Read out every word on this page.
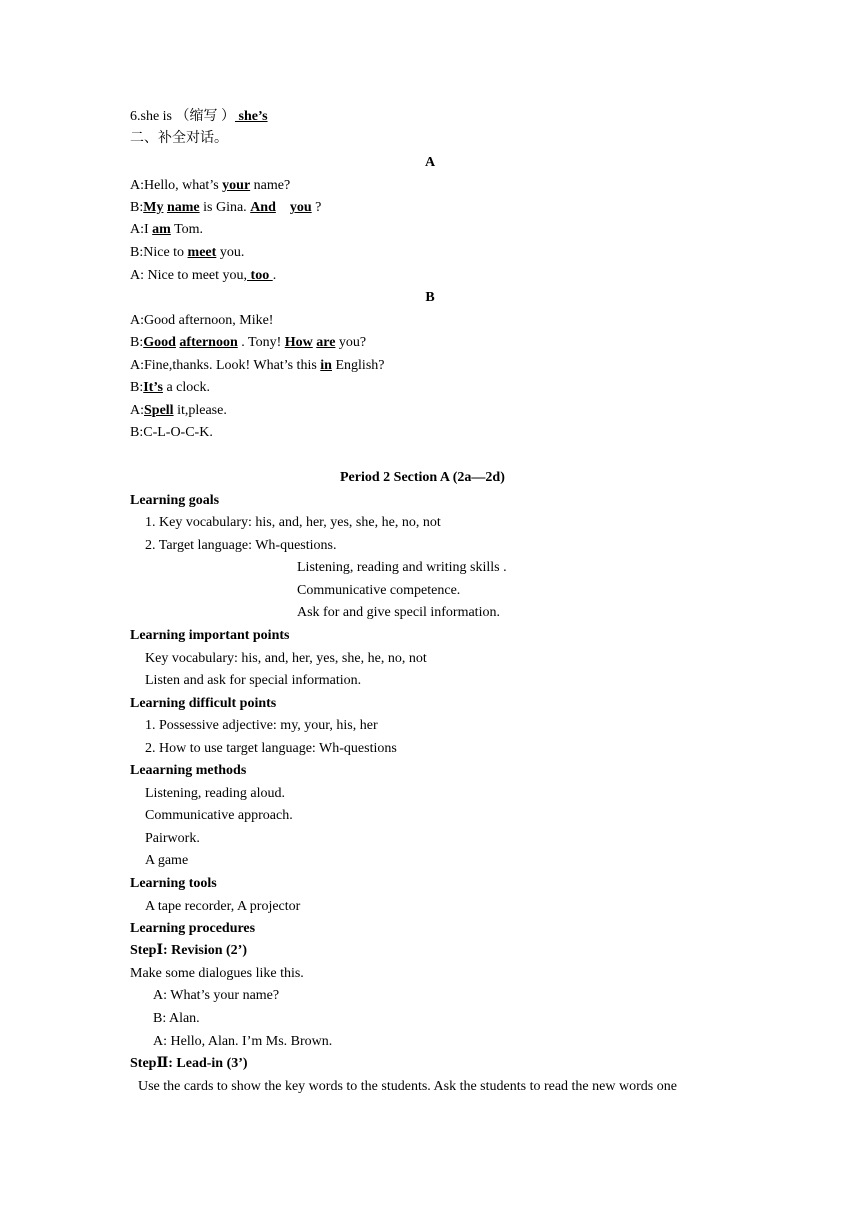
6.she is （缩写 ） she’s
二、补全对话。
A
A:Hello, what’s your name?
B:My name is Gina. And you ?
A:I am Tom.
B:Nice to meet you.
A: Nice to meet you, too .
B
A:Good afternoon, Mike!
B:Good afternoon . Tony! How are you?
A:Fine,thanks. Look! What’s this in English?
B:It’s a clock.
A:Spell it,please.
B:C-L-O-C-K.
Period 2 Section A (2a—2d)
Learning goals
1. Key vocabulary: his, and, her, yes, she, he, no, not
2. Target language: Wh-questions.
Listening, reading and writing skills .
Communicative competence.
Ask for and give specil information.
Learning important points
Key vocabulary: his, and, her, yes, she, he, no, not
Listen and ask for special information.
Learning difficult points
1. Possessive adjective: my, your, his, her
2. How to use target language: Wh-questions
Leaarning methods
Listening, reading aloud.
Communicative approach.
Pairwork.
A game
Learning tools
A tape recorder, A projector
Learning procedures
StepⅠ: Revision (2’)
Make some dialogues like this.
A: What’s your name?
B: Alan.
A: Hello, Alan. I’m Ms. Brown.
StepⅡ: Lead-in (3’)
Use the cards to show the key words to the students. Ask the students to read the new words one
